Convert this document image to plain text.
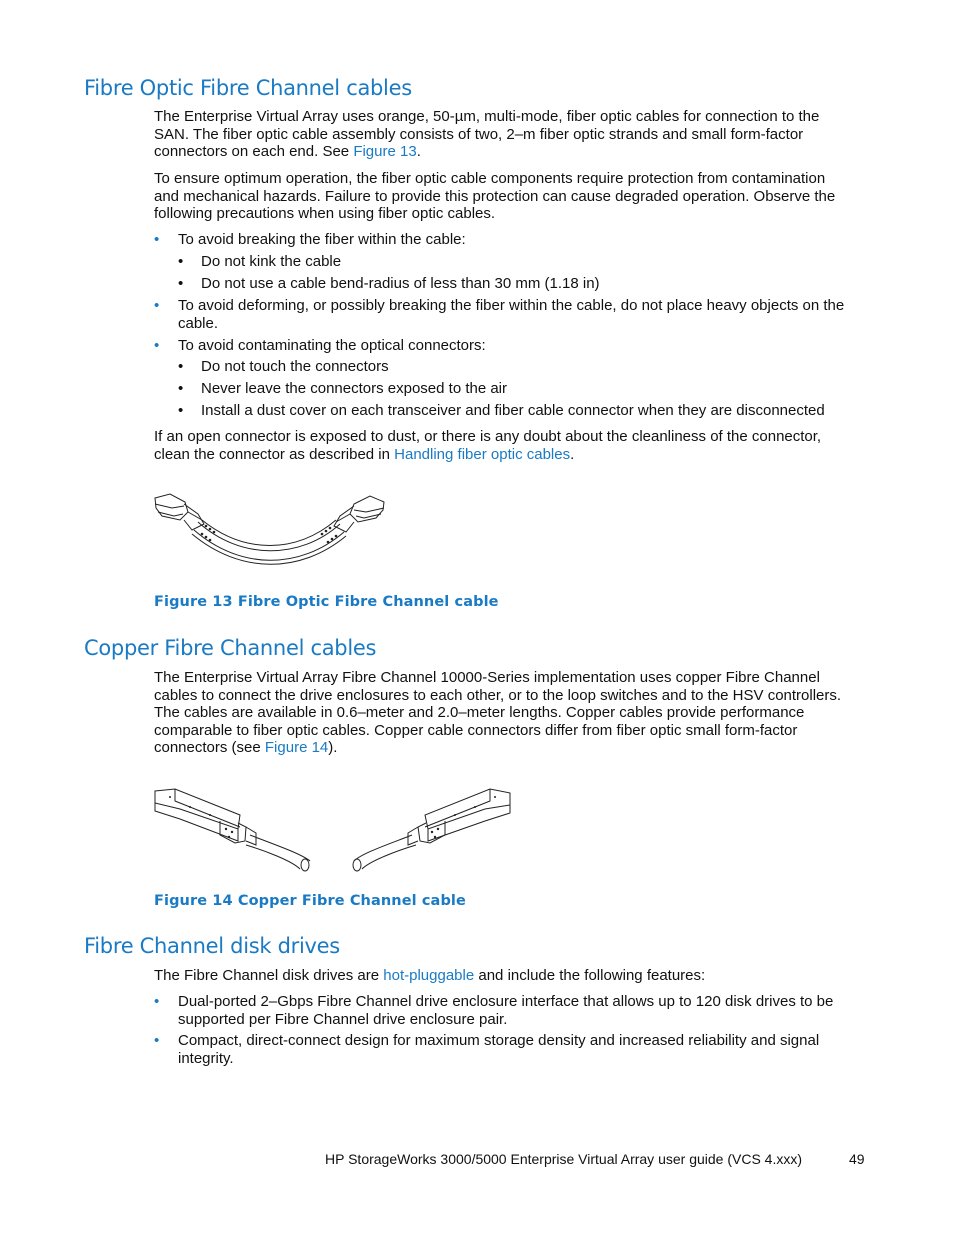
Fibre Optic Fibre Channel cables

The Enterprise Virtual Array uses orange, 50-µm, multi-mode, fiber optic cables for connection to the SAN. The fiber optic cable assembly consists of two, 2–m fiber optic strands and small form-factor connectors on each end. See Figure 13.

To ensure optimum operation, the fiber optic cable components require protection from contamination and mechanical hazards. Failure to provide this protection can cause degraded operation. Observe the following precautions when using fiber optic cables.

• To avoid breaking the fiber within the cable:
• Do not kink the cable
• Do not use a cable bend-radius of less than 30 mm (1.18 in)
• To avoid deforming, or possibly breaking the fiber within the cable, do not place heavy objects on the cable.
• To avoid contaminating the optical connectors:
• Do not touch the connectors
• Never leave the connectors exposed to the air
• Install a dust cover on each transceiver and fiber cable connector when they are disconnected

If an open connector is exposed to dust, or there is any doubt about the cleanliness of the connector, clean the connector as described in Handling fiber optic cables.

Figure 13 Fibre Optic Fibre Channel cable

Copper Fibre Channel cables

The Enterprise Virtual Array Fibre Channel 10000-Series implementation uses copper Fibre Channel cables to connect the drive enclosures to each other, or to the loop switches and to the HSV controllers. The cables are available in 0.6–meter and 2.0–meter lengths. Copper cables provide performance comparable to fiber optic cables. Copper cable connectors differ from fiber optic small form-factor connectors (see Figure 14).

Figure 14 Copper Fibre Channel cable

Fibre Channel disk drives

The Fibre Channel disk drives are hot-pluggable and include the following features:

• Dual-ported 2–Gbps Fibre Channel drive enclosure interface that allows up to 120 disk drives to be supported per Fibre Channel drive enclosure pair.
• Compact, direct-connect design for maximum storage density and increased reliability and signal integrity.
HP StorageWorks 3000/5000 Enterprise Virtual Array user guide (VCS 4.xxx)	49
